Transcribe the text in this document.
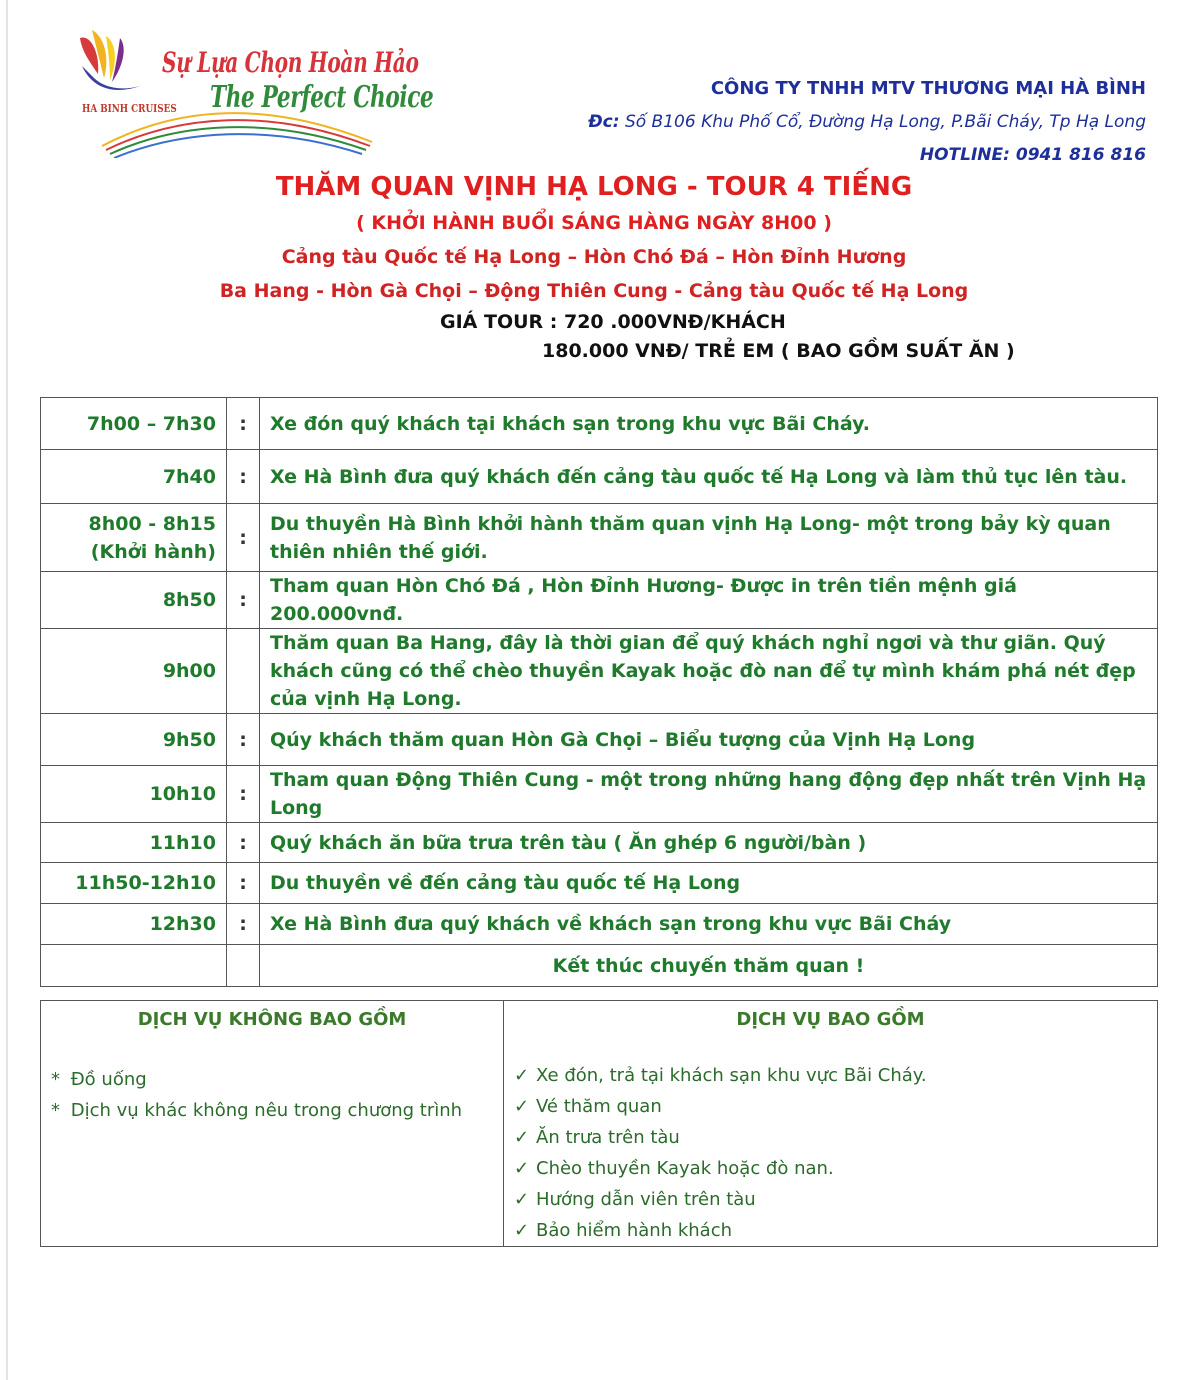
HA BINH CRUISES
Sự Lựa Chọn Hoàn Hảo
The Perfect Choice	CÔNG TY TNHH MTV THƯƠNG MẠI HÀ BÌNH
Đc: Số B106 Khu Phố Cổ, Đường Hạ Long, P.Bãi Cháy, Tp Hạ Long
HOTLINE: 0941 816 816
THĂM QUAN VỊNH HẠ LONG - TOUR 4 TIẾNG
( KHỞI HÀNH BUỔI SÁNG HÀNG NGÀY 8H00 )
Cảng tàu Quốc tế Hạ Long – Hòn Chó Đá – Hòn Đỉnh Hương
Ba Hang - Hòn Gà Chọi – Động Thiên Cung - Cảng tàu Quốc tế Hạ Long
GIÁ TOUR : 720 .000VNĐ/KHÁCH
180.000 VNĐ/ TRẺ EM ( BAO GỒM SUẤT ĂN )
7h00 – 7h30	:	Xe đón quý khách tại khách sạn trong khu vực Bãi Cháy.
7h40	:	Xe Hà Bình đưa quý khách đến cảng tàu quốc tế Hạ Long và làm thủ tục lên tàu.

8h00 - 8h15
(Khởi hành)	:	Du thuyền Hà Bình khởi hành thăm quan vịnh Hạ Long- một trong bảy kỳ quan thiên nhiên thế giới.
8h50	:	Tham quan Hòn Chó Đá , Hòn Đỉnh Hương- Được in trên tiền mệnh giá 200.000vnđ.
9h00		Thăm quan Ba Hang, đây là thời gian để quý khách nghỉ ngơi và thư giãn. Quý khách cũng có thể chèo thuyền Kayak hoặc đò nan để tự mình khám phá nét đẹp của vịnh Hạ Long.
9h50	:	Qúy khách thăm quan Hòn Gà Chọi – Biểu tượng của Vịnh Hạ Long
10h10	:	Tham quan Động Thiên Cung - một trong những hang động đẹp nhất trên Vịnh Hạ Long
11h10	:	Quý khách ăn bữa trưa trên tàu ( Ăn ghép 6 người/bàn )
11h50-12h10	:	Du thuyền về đến cảng tàu quốc tế Hạ Long
12h30	:	Xe Hà Bình đưa quý khách về khách sạn trong khu vực Bãi Cháy
		Kết thúc chuyến thăm quan !
DỊCH VỤ KHÔNG BAO GỒM
* Đồ uống
* Dịch vụ khác không nêu trong chương trình

DỊCH VỤ BAO GỒM
✓ Xe đón, trả tại khách sạn khu vực Bãi Cháy.
✓ Vé thăm quan
✓ Ăn trưa trên tàu
✓ Chèo thuyền Kayak hoặc đò nan.
✓ Hướng dẫn viên trên tàu
✓ Bảo hiểm hành khách
